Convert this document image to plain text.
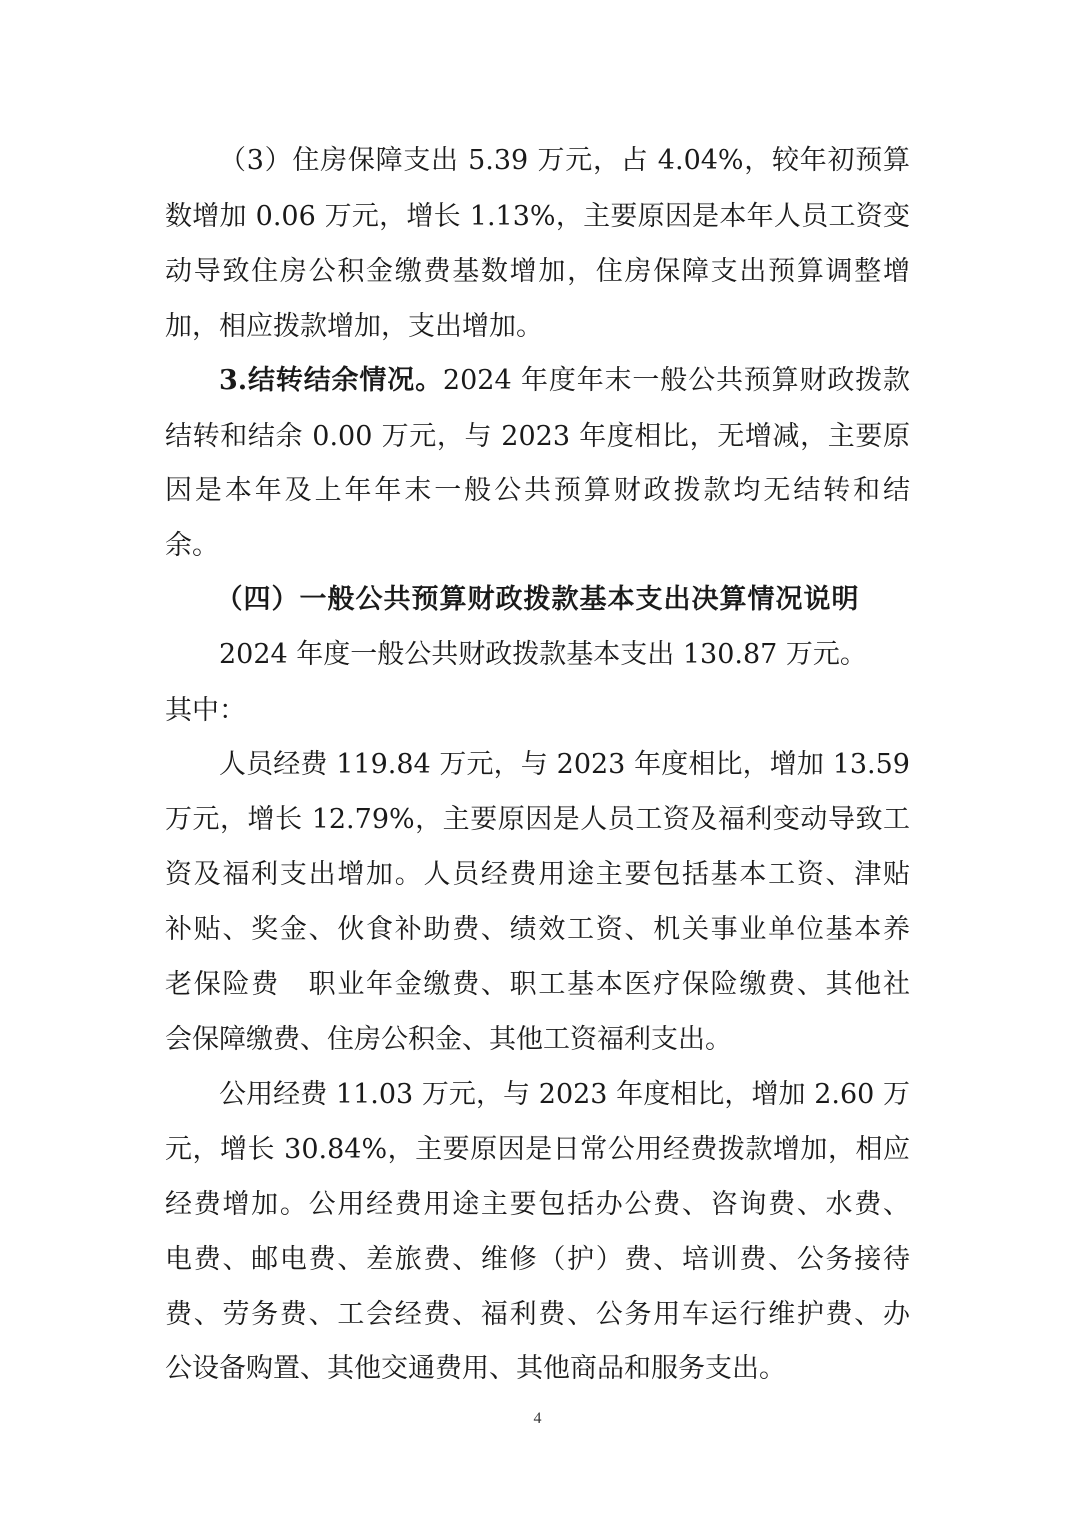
（3）住房保障支出 5.39 万元，占 4.04%，较年初预算
数增加 0.06 万元，增长 1.13%，主要原因是本年人员工资变
动导致住房公积金缴费基数增加，住房保障支出预算调整增
加，相应拨款增加，支出增加。
3.结转结余情况。2024 年度年末一般公共预算财政拨款
结转和结余 0.00 万元，与 2023 年度相比，无增减，主要原
因是本年及上年年末一般公共预算财政拨款均无结转和结
余。
（四）一般公共预算财政拨款基本支出决算情况说明
2024 年度一般公共财政拨款基本支出 130.87 万元。
其中：
人员经费 119.84 万元，与 2023 年度相比，增加 13.59
万元，增长 12.79%，主要原因是人员工资及福利变动导致工
资及福利支出增加。人员经费用途主要包括基本工资、津贴
补贴、奖金、伙食补助费、绩效工资、机关事业单位基本养
老保险费　职业年金缴费、职工基本医疗保险缴费、其他社
会保障缴费、住房公积金、其他工资福利支出。
公用经费 11.03 万元，与 2023 年度相比，增加 2.60 万
元，增长 30.84%，主要原因是日常公用经费拨款增加，相应
经费增加。公用经费用途主要包括办公费、咨询费、水费、
电费、邮电费、差旅费、维修（护）费、培训费、公务接待
费、劳务费、工会经费、福利费、公务用车运行维护费、办
公设备购置、其他交通费用、其他商品和服务支出。
4
